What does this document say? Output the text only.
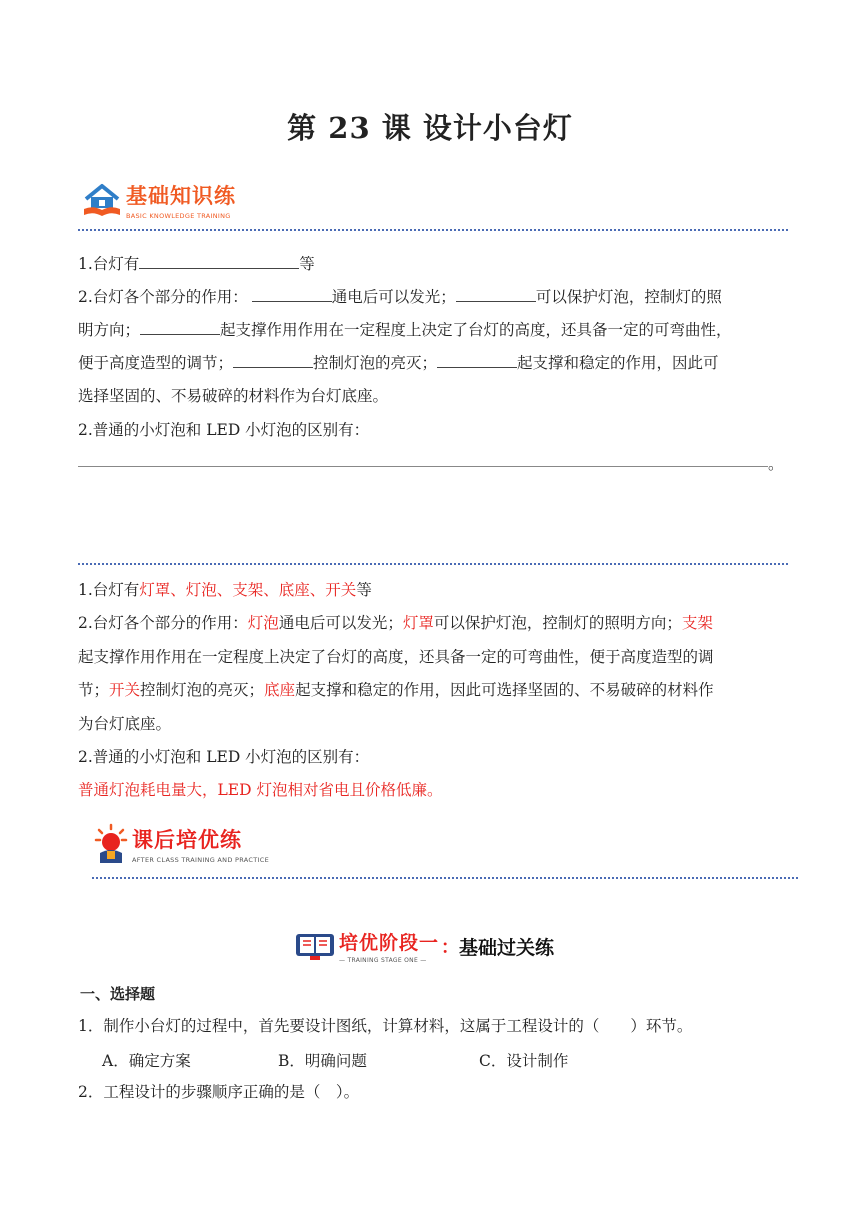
第 23 课 设计小台灯
基础知识练
BASIC KNOWLEDGE TRAINING
1.台灯有	等
2.台灯各个部分的作用：	通电后可以发光；	可以保护灯泡，控制灯的照
明方向；	起支撑作用作用在一定程度上决定了台灯的高度，还具备一定的可弯曲性，
便于高度造型的调节；	控制灯泡的亮灭；	起支撑和稳定的作用，因此可
选择坚固的、不易破碎的材料作为台灯底座。
2.普通的小灯泡和 LED 小灯泡的区别有：
。
1.台灯有灯罩、灯泡、支架、底座、开关等
2.台灯各个部分的作用：灯泡通电后可以发光；灯罩可以保护灯泡，控制灯的照明方向；支架
起支撑作用作用在一定程度上决定了台灯的高度，还具备一定的可弯曲性，便于高度造型的调
节；开关控制灯泡的亮灭；底座起支撑和稳定的作用，因此可选择坚固的、不易破碎的材料作
为台灯底座。
2.普通的小灯泡和 LED 小灯泡的区别有：
普通灯泡耗电量大，LED 灯泡相对省电且价格低廉。
课后培优练
AFTER CLASS TRAINING AND PRACTICE
培优阶段一
— TRAINING STAGE ONE —
： 基础过关练
一、选择题
1．制作小台灯的过程中，首先要设计图纸，计算材料，这属于工程设计的（　　）环节。
A．确定方案	B．明确问题	C．设计制作
2．工程设计的步骤顺序正确的是（　）。
